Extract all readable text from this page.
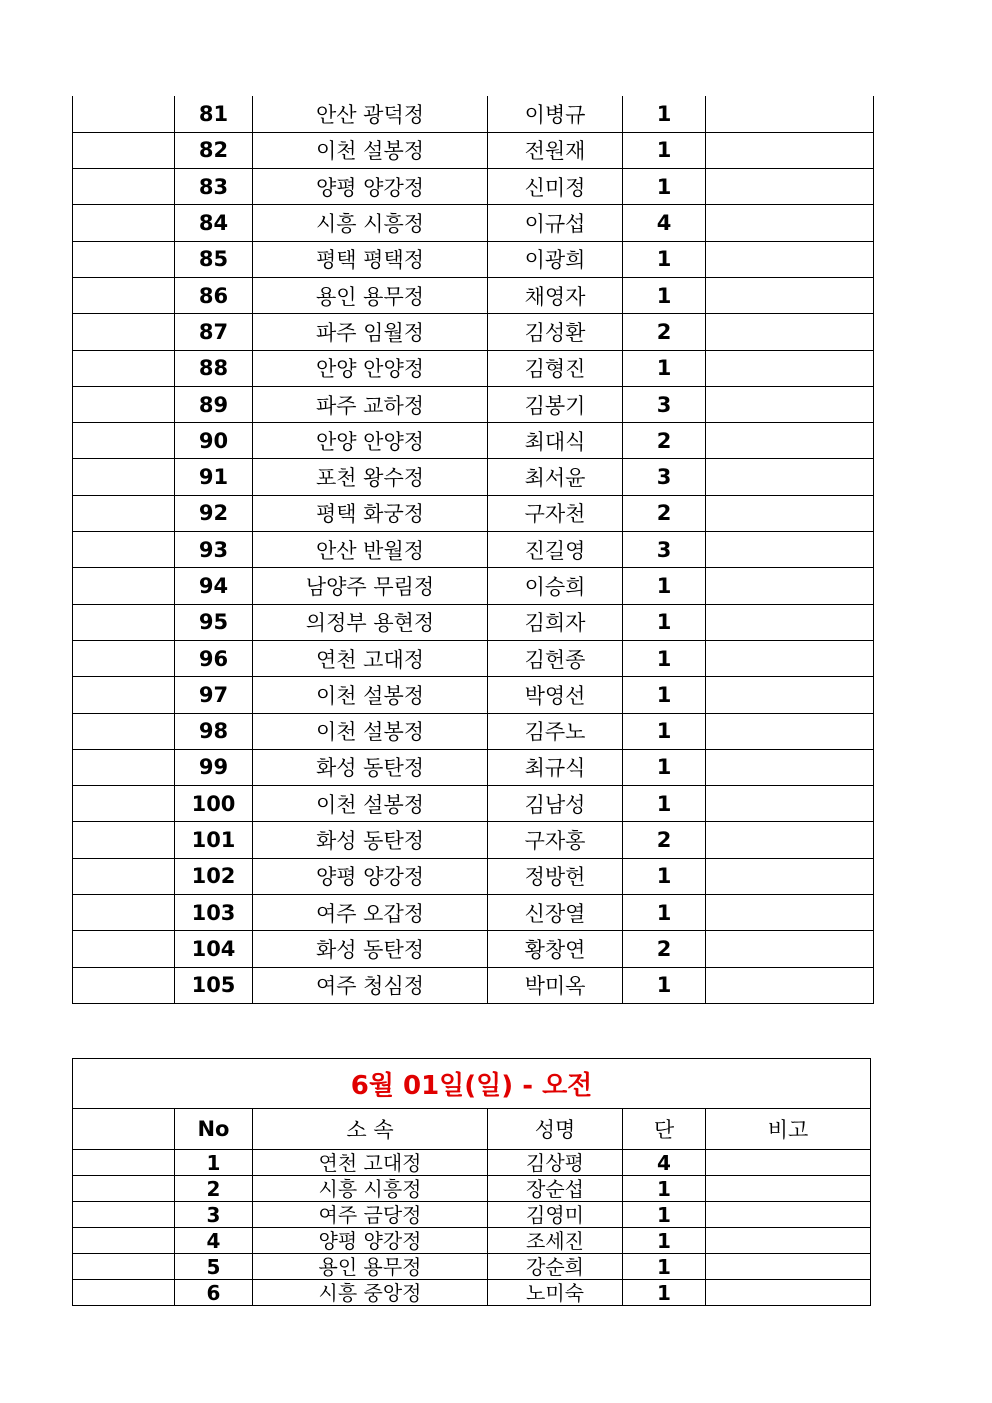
	81	안산 광덕정	이병규	1	
	82	이천 설봉정	전원재	1	
	83	양평 양강정	신미정	1	
	84	시흥 시흥정	이규섭	4	
	85	평택 평택정	이광희	1	
	86	용인 용무정	채영자	1	
	87	파주 임월정	김성환	2	
	88	안양 안양정	김형진	1	
	89	파주 교하정	김봉기	3	
	90	안양 안양정	최대식	2	
	91	포천 왕수정	최서윤	3	
	92	평택 화궁정	구자천	2	
	93	안산 반월정	진길영	3	
	94	남양주 무림정	이승희	1	
	95	의정부 용현정	김희자	1	
	96	연천 고대정	김헌종	1	
	97	이천 설봉정	박영선	1	
	98	이천 설봉정	김주노	1	
	99	화성 동탄정	최규식	1	
	100	이천 설봉정	김남성	1	
	101	화성 동탄정	구자홍	2	
	102	양평 양강정	정방헌	1	
	103	여주 오갑정	신장열	1	
	104	화성 동탄정	황창연	2	
	105	여주 청심정	박미옥	1	
6월 01일(일) - 오전					
	No	소 속	성명	단	비고
	1	연천 고대정	김상평	4	
	2	시흥 시흥정	장순섭	1	
	3	여주 금당정	김영미	1	
	4	양평 양강정	조세진	1	
	5	용인 용무정	강순희	1	
	6	시흥 중앙정	노미숙	1	
